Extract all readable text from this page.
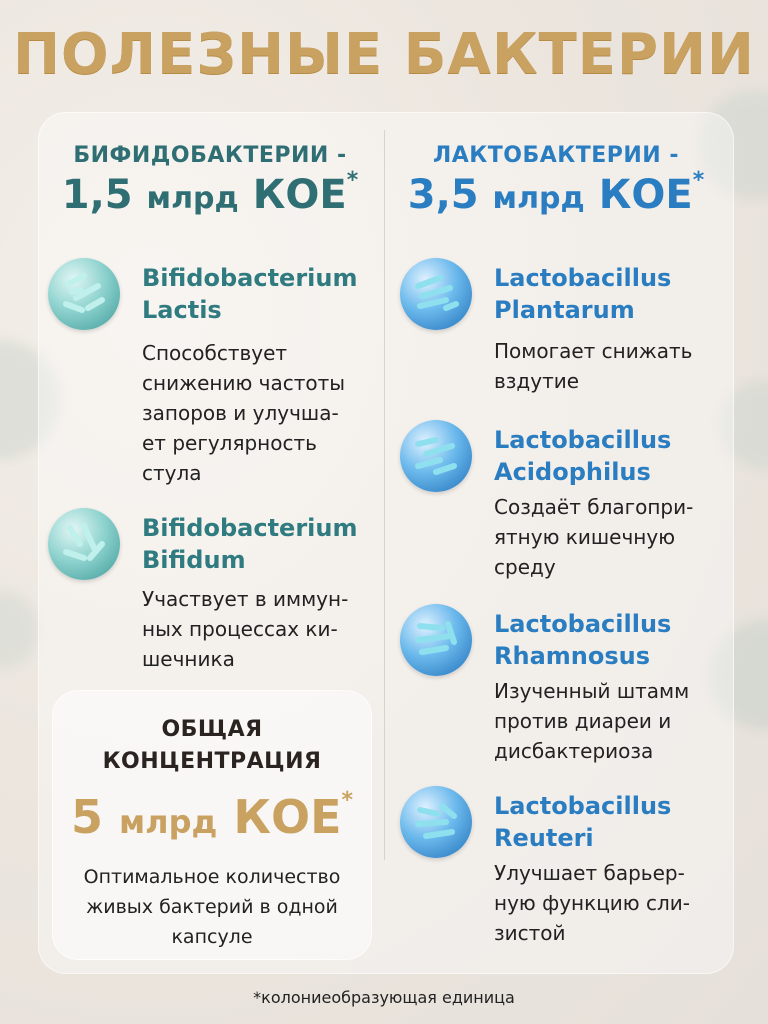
ПОЛЕЗНЫЕ БАКТЕРИИ
БИФИДОБАКТЕРИИ -
1,5 млрд КОЕ*
ЛАКТОБАКТЕРИИ -
3,5 млрд КОЕ*
Bifidobacterium
Lactis
Способствует
снижению частоты
запоров и улучша-
ет регулярность
стула
Bifidobacterium
Bifidum
Участвует в иммун-
ных процессах ки-
шечника
ОБЩАЯ
КОНЦЕНТРАЦИЯ
5 млрд КОЕ*
Оптимальное количество
живых бактерий в одной
капсуле
Lactobacillus
Plantarum
Помогает снижать
вздутие
Lactobacillus
Acidophilus
Создаёт благопри-
ятную кишечную
среду
Lactobacillus
Rhamnosus
Изученный штамм
против диареи и
дисбактериоза
Lactobacillus
Reuteri
Улучшает барьер-
ную функцию сли-
зистой
*колониеобразующая единица
